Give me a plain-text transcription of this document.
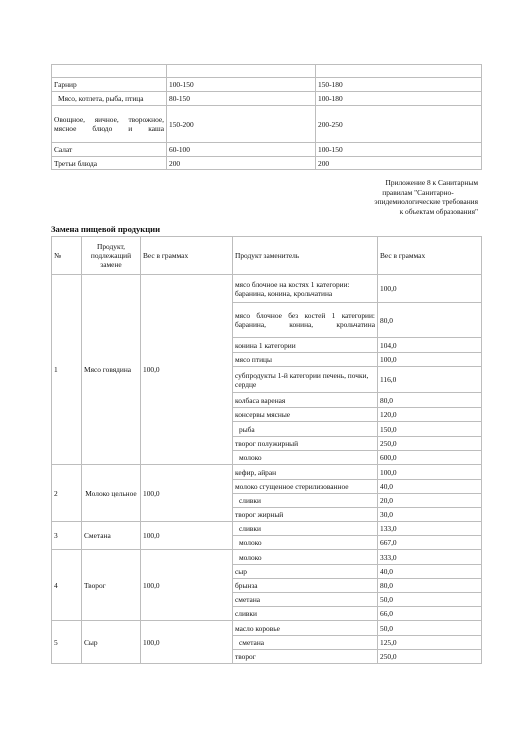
Гарнир	100-150	150-180
Мясо, котлета, рыба, птица	80-150	100-180
Овощное, яичное, творожное, мясное блюдо и каша	150-200	200-250
Салат	60-100	100-150
Третьи блюда	200	200
Приложение 8 к Санитарным
правилам "Санитарно-
эпидемиологические требования
к объектам образования"
Замена пищевой продукции
№	Продукт, подлежащий замене	Вес в граммах	Продукт заменитель	Вес в граммах
1	Мясо говядина	100,0	мясо блочное на костях 1 категории: баранина, конина, крольчатина	100,0
			мясо блочное без костей 1 категории: баранина, конина, крольчатина	80,0
			конина 1 категории	104,0
			мясо птицы	100,0
			субпродукты 1-й категории печень, почки, сердце	116,0
			колбаса вареная	80,0
			консервы мясные	120,0
			рыба	150,0
			творог полужирный	250,0
			молоко	600,0
2	Молоко цельное	100,0	кефир, айран	100,0
			молоко сгущенное стерилизованное	40,0
			сливки	20,0
			творог жирный	30,0
3	Сметана	100,0	сливки	133,0
			молоко	667,0
4	Творог	100,0	молоко	333,0
			сыр	40,0
			брынза	80,0
			сметана	50,0
			сливки	66,0
5	Сыр	100,0	масло коровье	50,0
			сметана	125,0
			творог	250,0
